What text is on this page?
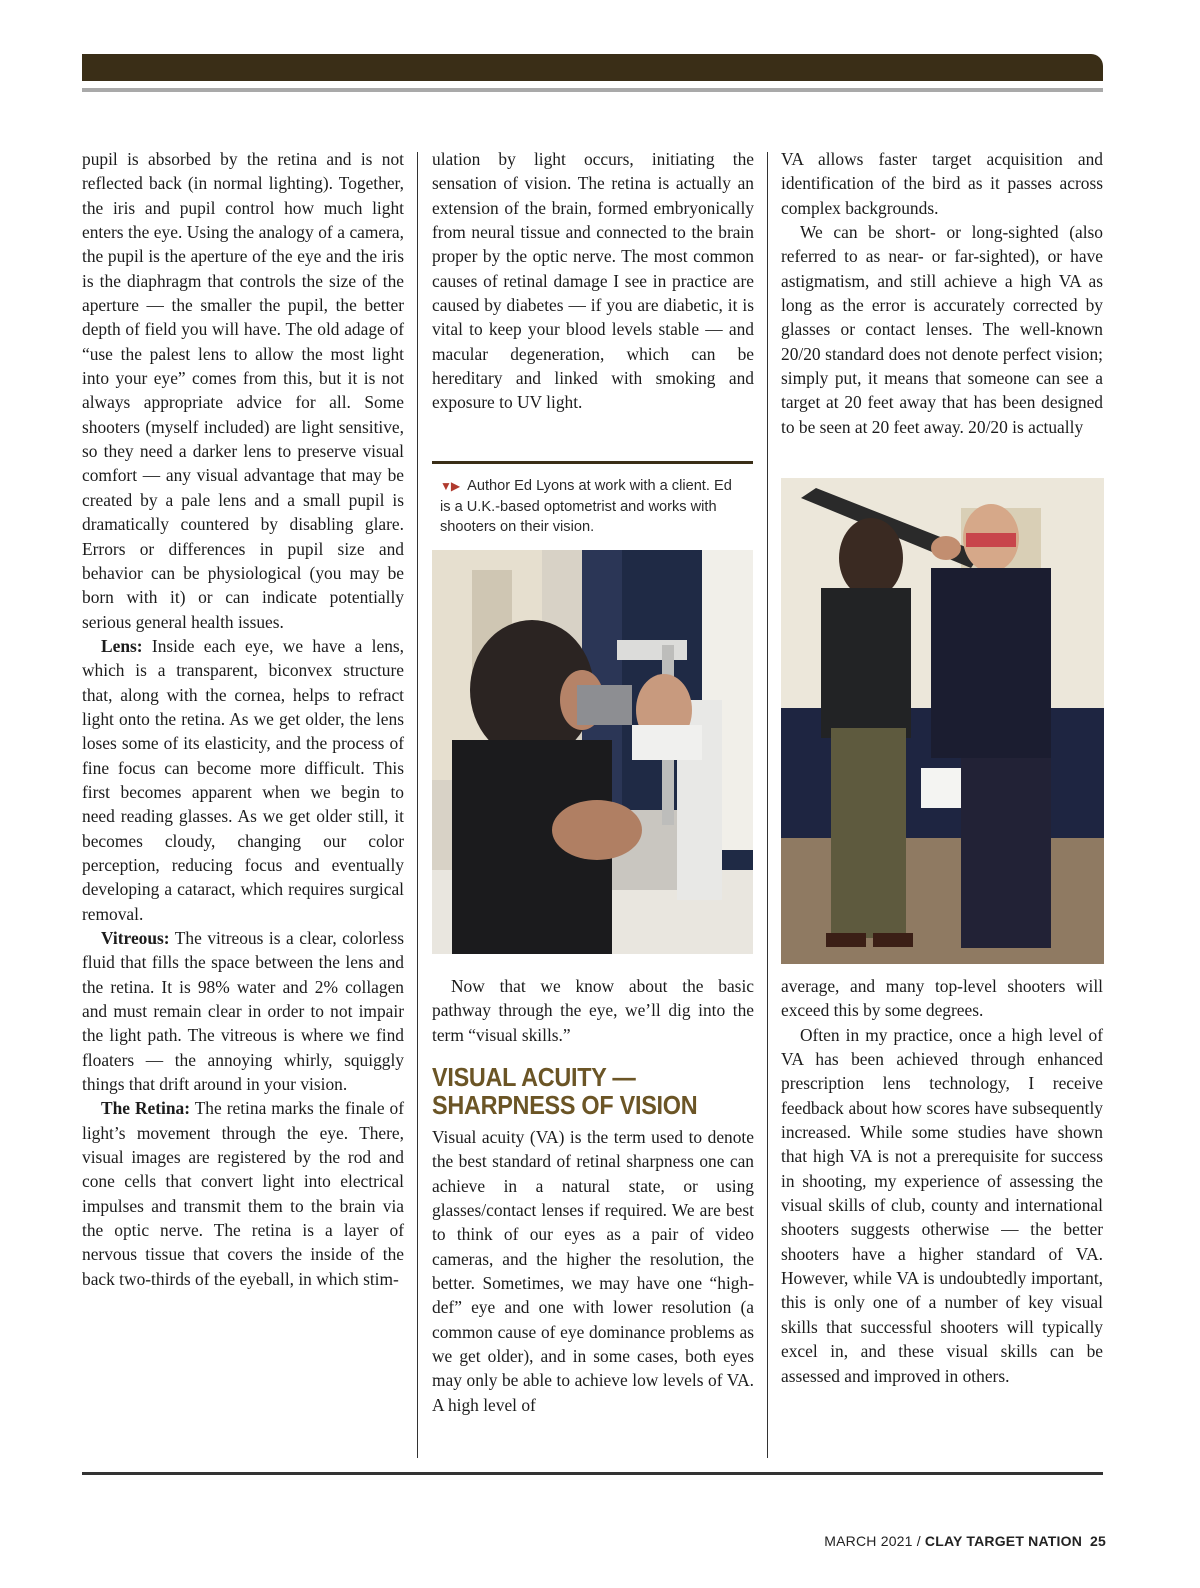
pupil is absorbed by the retina and is not reflected back (in normal lighting). Together, the iris and pupil control how much light enters the eye. Using the analogy of a camera, the pupil is the aperture of the eye and the iris is the diaphragm that controls the size of the aperture — the smaller the pupil, the better depth of field you will have. The old adage of “use the palest lens to allow the most light into your eye” comes from this, but it is not always appropriate advice for all. Some shooters (myself included) are light sensitive, so they need a darker lens to preserve visual comfort — any visual advantage that may be created by a pale lens and a small pupil is dramatically countered by disabling glare. Errors or differences in pupil size and behavior can be physiological (you may be born with it) or can indicate potentially serious general health issues.

Lens: Inside each eye, we have a lens, which is a transparent, biconvex structure that, along with the cornea, helps to refract light onto the retina. As we get older, the lens loses some of its elasticity, and the process of fine focus can become more difficult. This first becomes apparent when we begin to need reading glasses. As we get older still, it becomes cloudy, changing our color perception, reducing focus and eventually developing a cataract, which requires surgical removal.

Vitreous: The vitreous is a clear, colorless fluid that fills the space between the lens and the retina. It is 98% water and 2% collagen and must remain clear in order to not impair the light path. The vitreous is where we find floaters — the annoying whirly, squiggly things that drift around in your vision.

The Retina: The retina marks the finale of light’s movement through the eye. There, visual images are registered by the rod and cone cells that convert light into electrical impulses and transmit them to the brain via the optic nerve. The retina is a layer of nervous tissue that covers the inside of the back two-thirds of the eyeball, in which stim-

ulation by light occurs, initiating the sensation of vision. The retina is actually an extension of the brain, formed embryonically from neural tissue and connected to the brain proper by the optic nerve. The most common causes of retinal damage I see in practice are caused by diabetes — if you are diabetic, it is vital to keep your blood levels stable — and macular degeneration, which can be hereditary and linked with smoking and exposure to UV light.

▼▶ Author Ed Lyons at work with a client. Ed is a U.K.-based optometrist and works with shooters on their vision.

Now that we know about the basic pathway through the eye, we’ll dig into the term “visual skills.”

VISUAL ACUITY — SHARPNESS OF VISION

Visual acuity (VA) is the term used to denote the best standard of retinal sharpness one can achieve in a natural state, or using glasses/contact lenses if required. We are best to think of our eyes as a pair of video cameras, and the higher the resolution, the better. Sometimes, we may have one “high-def” eye and one with lower resolution (a common cause of eye dominance problems as we get older), and in some cases, both eyes may only be able to achieve low levels of VA. A high level of

VA allows faster target acquisition and identification of the bird as it passes across complex backgrounds.

We can be short- or long-sighted (also referred to as near- or far-sighted), or have astigmatism, and still achieve a high VA as long as the error is accurately corrected by glasses or contact lenses. The well-known 20/20 standard does not denote perfect vision; simply put, it means that someone can see a target at 20 feet away that has been designed to be seen at 20 feet away. 20/20 is actually

average, and many top-level shooters will exceed this by some degrees.

Often in my practice, once a high level of VA has been achieved through enhanced prescription lens technology, I receive feedback about how scores have subsequently increased. While some studies have shown that high VA is not a prerequisite for success in shooting, my experience of assessing the visual skills of club, county and international shooters suggests otherwise — the better shooters have a higher standard of VA. However, while VA is undoubtedly important, this is only one of a number of key visual skills that successful shooters will typically excel in, and these visual skills can be assessed and improved in others.

MARCH 2021 / CLAY TARGET NATION 25
